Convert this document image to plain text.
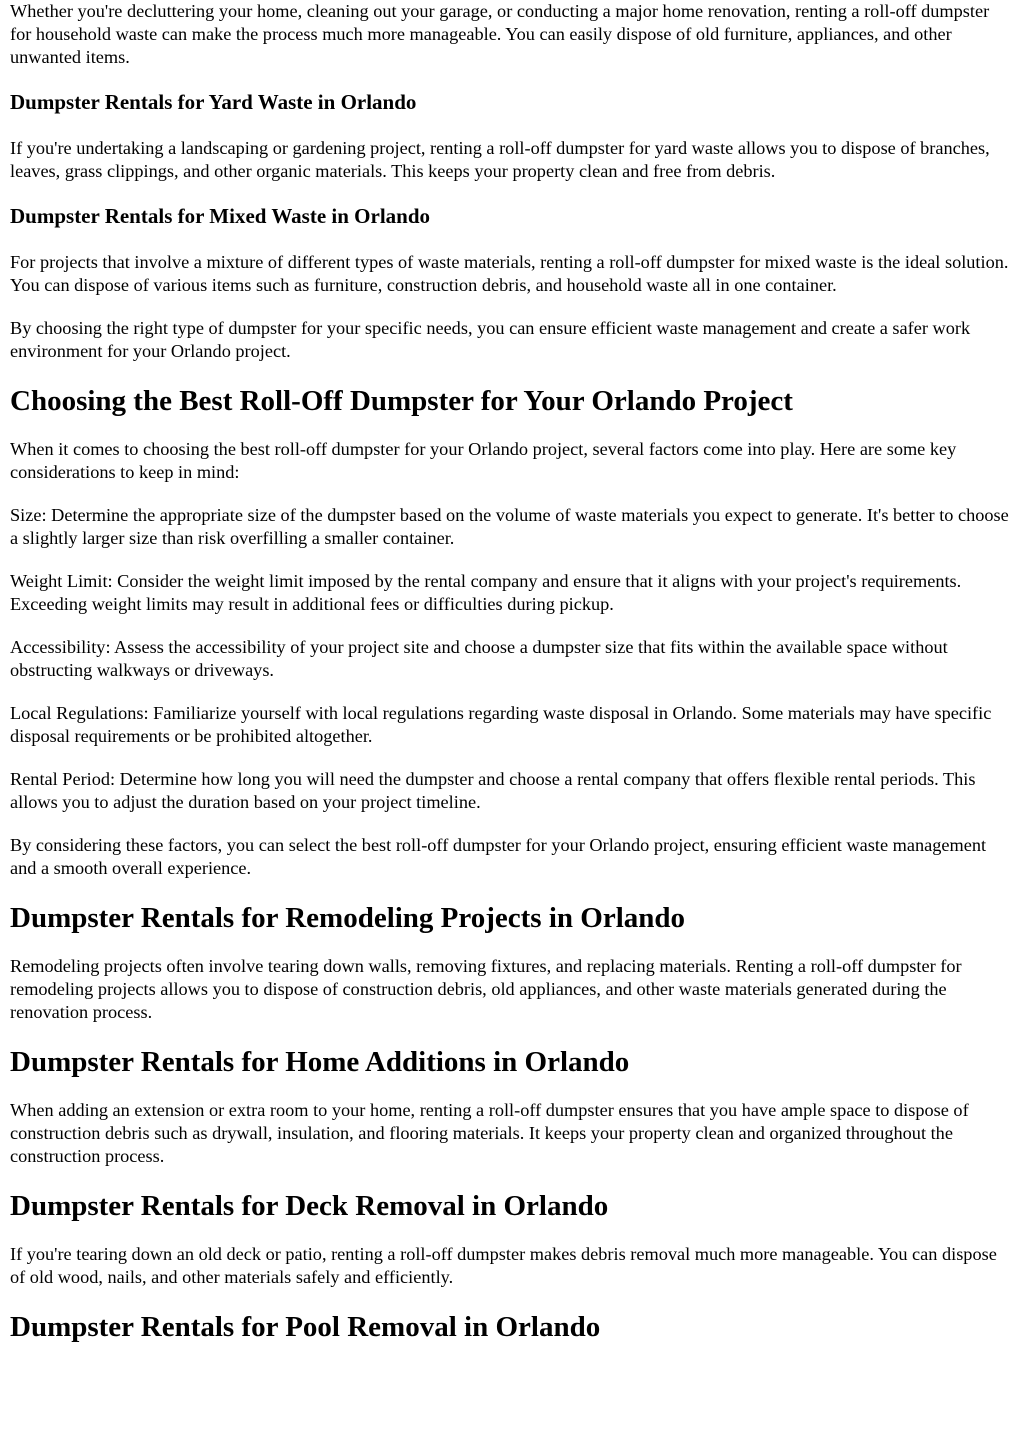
Whether you're decluttering your home, cleaning out your garage, or conducting a major home renovation, renting a roll-off dumpster for household waste can make the process much more manageable. You can easily dispose of old furniture, appliances, and other unwanted items.

Dumpster Rentals for Yard Waste in Orlando

If you're undertaking a landscaping or gardening project, renting a roll-off dumpster for yard waste allows you to dispose of branches, leaves, grass clippings, and other organic materials. This keeps your property clean and free from debris.

Dumpster Rentals for Mixed Waste in Orlando

For projects that involve a mixture of different types of waste materials, renting a roll-off dumpster for mixed waste is the ideal solution. You can dispose of various items such as furniture, construction debris, and household waste all in one container.

By choosing the right type of dumpster for your specific needs, you can ensure efficient waste management and create a safer work environment for your Orlando project.

Choosing the Best Roll-Off Dumpster for Your Orlando Project

When it comes to choosing the best roll-off dumpster for your Orlando project, several factors come into play. Here are some key considerations to keep in mind:

Size: Determine the appropriate size of the dumpster based on the volume of waste materials you expect to generate. It's better to choose a slightly larger size than risk overfilling a smaller container.

Weight Limit: Consider the weight limit imposed by the rental company and ensure that it aligns with your project's requirements. Exceeding weight limits may result in additional fees or difficulties during pickup.

Accessibility: Assess the accessibility of your project site and choose a dumpster size that fits within the available space without obstructing walkways or driveways.

Local Regulations: Familiarize yourself with local regulations regarding waste disposal in Orlando. Some materials may have specific disposal requirements or be prohibited altogether.

Rental Period: Determine how long you will need the dumpster and choose a rental company that offers flexible rental periods. This allows you to adjust the duration based on your project timeline.

By considering these factors, you can select the best roll-off dumpster for your Orlando project, ensuring efficient waste management and a smooth overall experience.

Dumpster Rentals for Remodeling Projects in Orlando

Remodeling projects often involve tearing down walls, removing fixtures, and replacing materials. Renting a roll-off dumpster for remodeling projects allows you to dispose of construction debris, old appliances, and other waste materials generated during the renovation process.

Dumpster Rentals for Home Additions in Orlando

When adding an extension or extra room to your home, renting a roll-off dumpster ensures that you have ample space to dispose of construction debris such as drywall, insulation, and flooring materials. It keeps your property clean and organized throughout the construction process.

Dumpster Rentals for Deck Removal in Orlando

If you're tearing down an old deck or patio, renting a roll-off dumpster makes debris removal much more manageable. You can dispose of old wood, nails, and other materials safely and efficiently.

Dumpster Rentals for Pool Removal in Orlando
